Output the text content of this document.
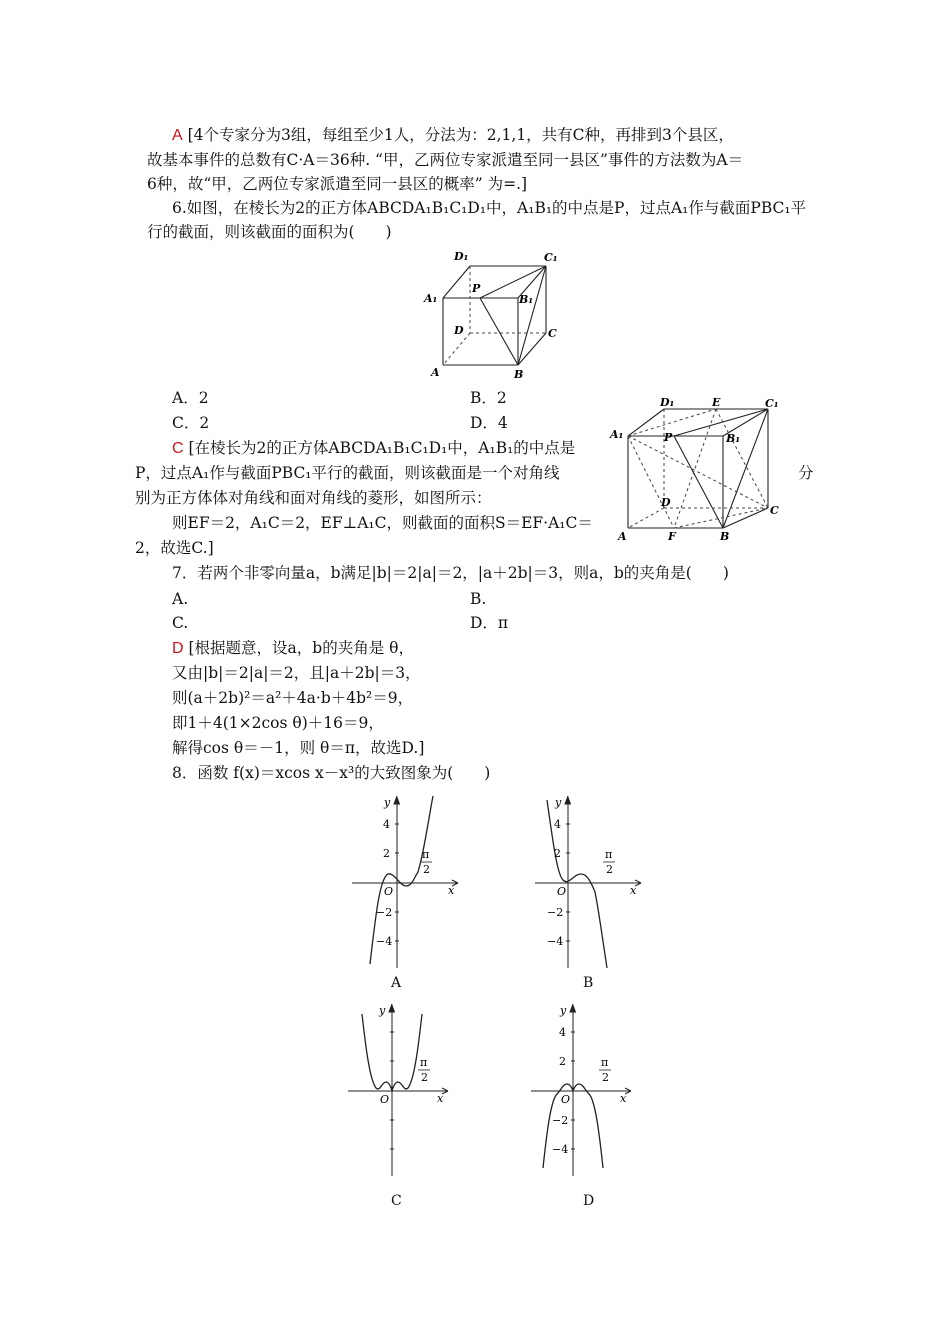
A [4个专家分为3组，每组至少1人，分法为：2,1,1，共有C种，再排到3个县区，
故基本事件的总数有C·A＝36种. “甲，乙两位专家派遣至同一县区”事件的方法数为A＝
6种，故“甲，乙两位专家派遣至同一县区的概率” 为=.]
6.如图，在棱长为2的正方体ABCDA₁B₁C₁D₁中，A₁B₁的中点是P，过点A₁作与截面PBC₁平
行的截面，则该截面的面积为(　　)
D₁	C₁
A₁
P
B₁
D	C
A	B
A．2	B．2
C．2	D．4
C [在棱长为2的正方体ABCDA₁B₁C₁D₁中，A₁B₁的中点是
P，过点A₁作与截面PBC₁平行的截面，则该截面是一个对角线	分
别为正方体体对角线和面对角线的菱形，如图所示：
则EF＝2，A₁C＝2，EF⊥A₁C，则截面的面积S＝EF·A₁C＝
2，故选C.]
D₁	E	C₁
A₁	P	B₁
D
C
A	F	B
7．若两个非零向量a，b满足|b|＝2|a|＝2，|a＋2b|＝3，则a，b的夹角是(　　)
A.	B.
C.	D．π
D [根据题意，设a，b的夹角是 θ，
又由|b|＝2|a|＝2，且|a＋2b|＝3，
则(a＋2b)²＝a²＋4a·b＋4b²＝9，
即1＋4(1×2cos θ)＋16＝9，
解得cos θ＝－1，则 θ＝π，故选D.]
8．函数 f(x)＝xcos x－x³的大致图象为(　　)
y
x
O
4
2
−2
−4
π
2
A
y
x
O
4
2
−2
−4
π
2
B
y
x
O
π
2
C
y
x
O
4
2
−2
−4
π
2
D
